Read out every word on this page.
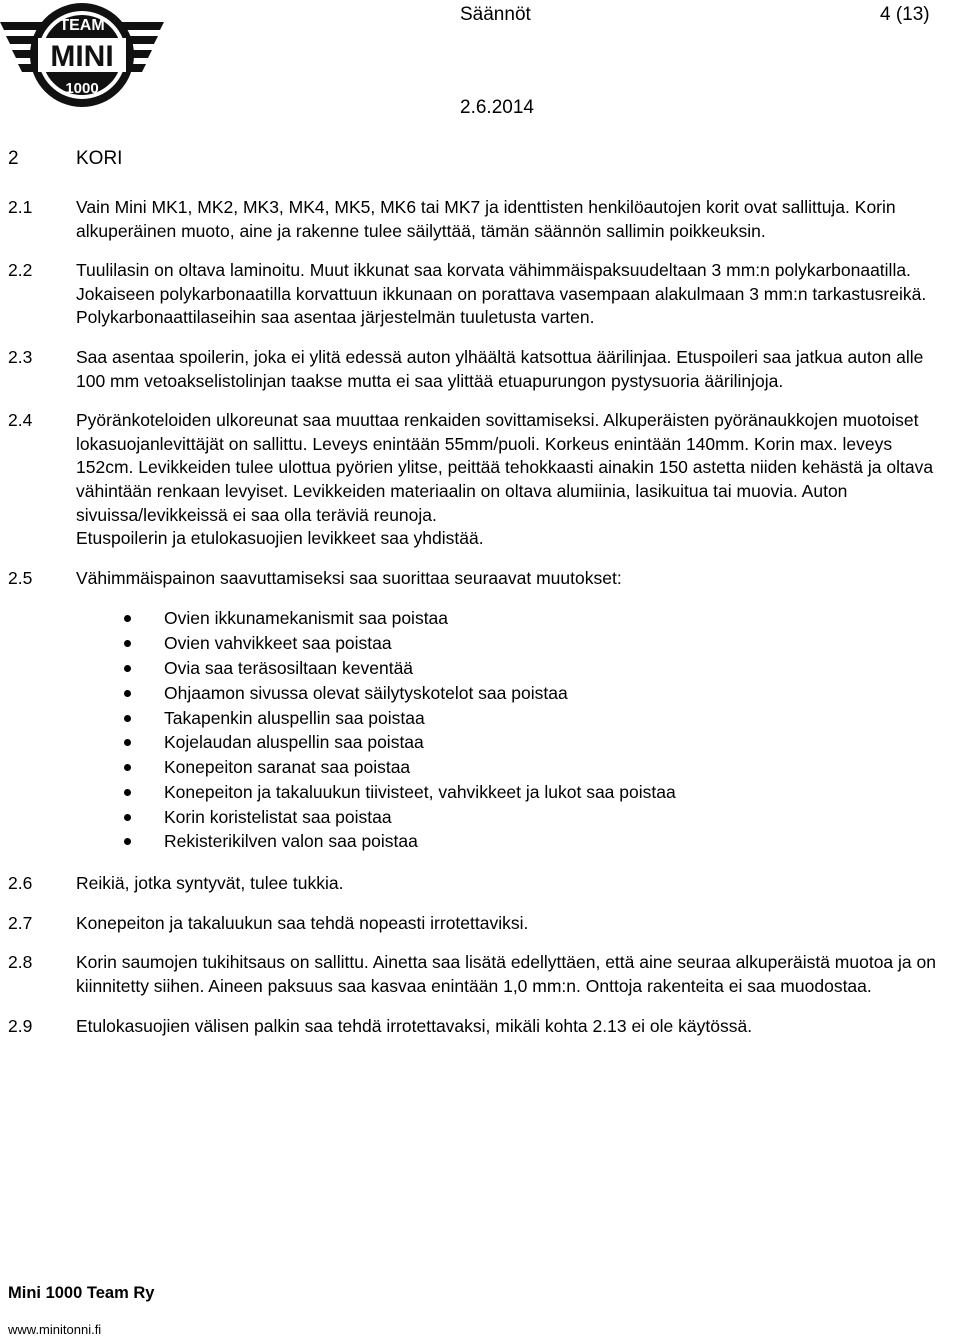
TEAM
MINI
1000
Säännöt	4 (13)
2.6.2014
2	KORI
2.1	Vain Mini MK1, MK2, MK3, MK4, MK5, MK6 tai MK7 ja identtisten henkilöautojen korit ovat sallittuja. Korin alkuperäinen muoto, aine ja rakenne tulee säilyttää, tämän säännön sallimin poikkeuksin.
2.2	Tuulilasin on oltava laminoitu. Muut ikkunat saa korvata vähimmäispaksuudeltaan 3 mm:n polykarbonaatilla. Jokaiseen polykarbonaatilla korvattuun ikkunaan on porattava vasempaan alakulmaan 3 mm:n tarkastusreikä. Polykarbonaattilaseihin saa asentaa järjestelmän tuuletusta varten.
2.3	Saa asentaa spoilerin, joka ei ylitä edessä auton ylhäältä katsottua äärilinjaa. Etuspoileri saa jatkua auton alle 100 mm vetoakselistolinjan taakse mutta ei saa ylittää etuapurungon pystysuoria äärilinjoja.
2.4	Pyöränkoteloiden ulkoreunat saa muuttaa renkaiden sovittamiseksi. Alkuperäisten pyöränaukkojen muotoiset lokasuojanlevittäjät on sallittu. Leveys enintään 55mm/puoli. Korkeus enintään 140mm. Korin max. leveys 152cm. Levikkeiden tulee ulottua pyörien ylitse, peittää tehokkaasti ainakin 150 astetta niiden kehästä ja oltava vähintään renkaan levyiset. Levikkeiden materiaalin on oltava alumiinia, lasikuitua tai muovia. Auton sivuissa/levikkeissä ei saa olla teräviä reunoja.
Etuspoilerin ja etulokasuojien levikkeet saa yhdistää.
2.5	Vähimmäispainon saavuttamiseksi saa suorittaa seuraavat muutokset:
Ovien ikkunamekanismit saa poistaa
Ovien vahvikkeet saa poistaa
Ovia saa teräsosiltaan keventää
Ohjaamon sivussa olevat säilytyskotelot saa poistaa
Takapenkin aluspellin saa poistaa
Kojelaudan aluspellin saa poistaa
Konepeiton saranat saa poistaa
Konepeiton ja takaluukun tiivisteet, vahvikkeet ja lukot saa poistaa
Korin koristelistat saa poistaa
Rekisterikilven valon saa poistaa
2.6	Reikiä, jotka syntyvät, tulee tukkia.
2.7	Konepeiton ja takaluukun saa tehdä nopeasti irrotettaviksi.
2.8	Korin saumojen tukihitsaus on sallittu. Ainetta saa lisätä edellyttäen, että aine seuraa alkuperäistä muotoa ja on kiinnitetty siihen. Aineen paksuus saa kasvaa enintään 1,0 mm:n. Onttoja rakenteita ei saa muodostaa.
2.9	Etulokasuojien välisen palkin saa tehdä irrotettavaksi, mikäli kohta 2.13 ei ole käytössä.
Mini 1000 Team Ry
www.minitonni.fi
